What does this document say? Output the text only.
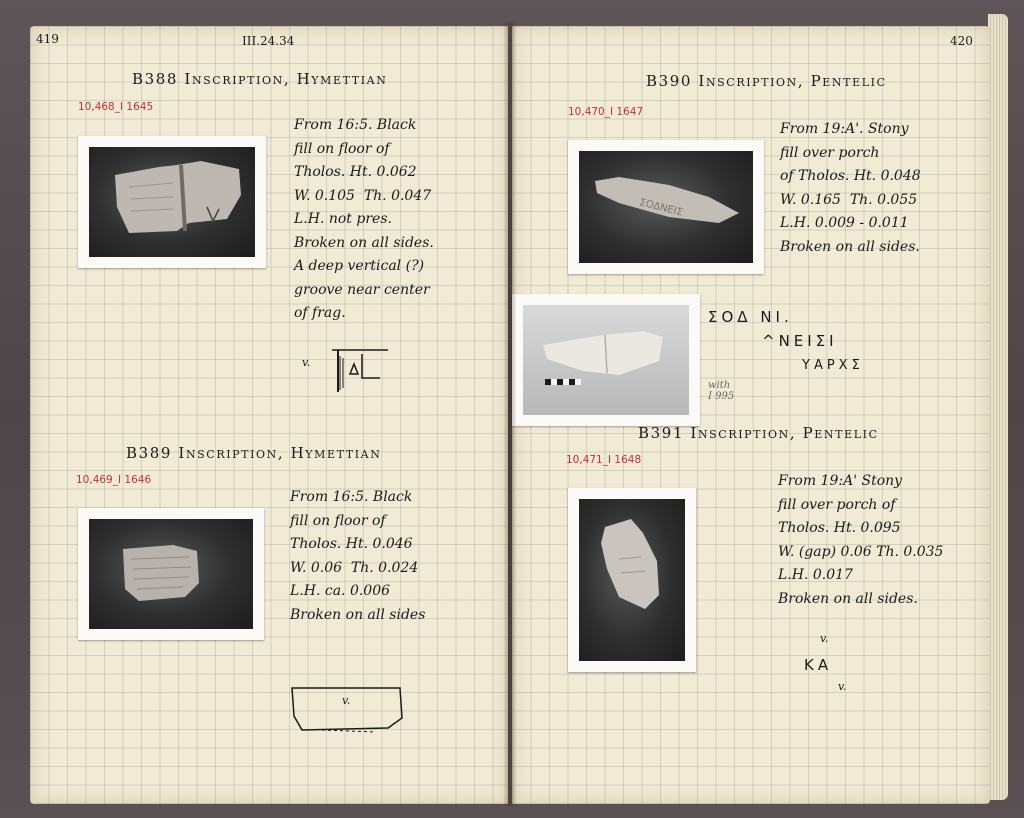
419	III.24.34
B388 Inscription, Hymettian
10,468_I 1645
From 16:5. Black
fill on floor of
Tholos. Ht. 0.062
W. 0.105  Th. 0.047
L.H. not pres.
Broken on all sides.
A deep vertical (?)
groove near center
of frag.
v.
B389 Inscription, Hymettian
10,469_I 1646
From 16:5. Black
fill on floor of
Tholos. Ht. 0.046
W. 0.06  Th. 0.024
L.H. ca. 0.006
Broken on all sides
v.
420
B390 Inscription, Pentelic
10,470_I 1647
ΣΟΔΝΕΙΣ
From 19:A'. Stony
fill over porch
of Tholos. Ht. 0.048
W. 0.165  Th. 0.055
L.H. 0.009 - 0.011
Broken on all sides.
ΣΟΔ ΝΙ.
^ΝΕΙΣΙ
ΥΑΡΧΣ
with
I 995
B391 Inscription, Pentelic
10,471_I 1648
From 19:A' Stony
fill over porch of
Tholos. Ht. 0.095
W. (gap) 0.06 Th. 0.035
L.H. 0.017
Broken on all sides.
v.
ΚΑ
v.
